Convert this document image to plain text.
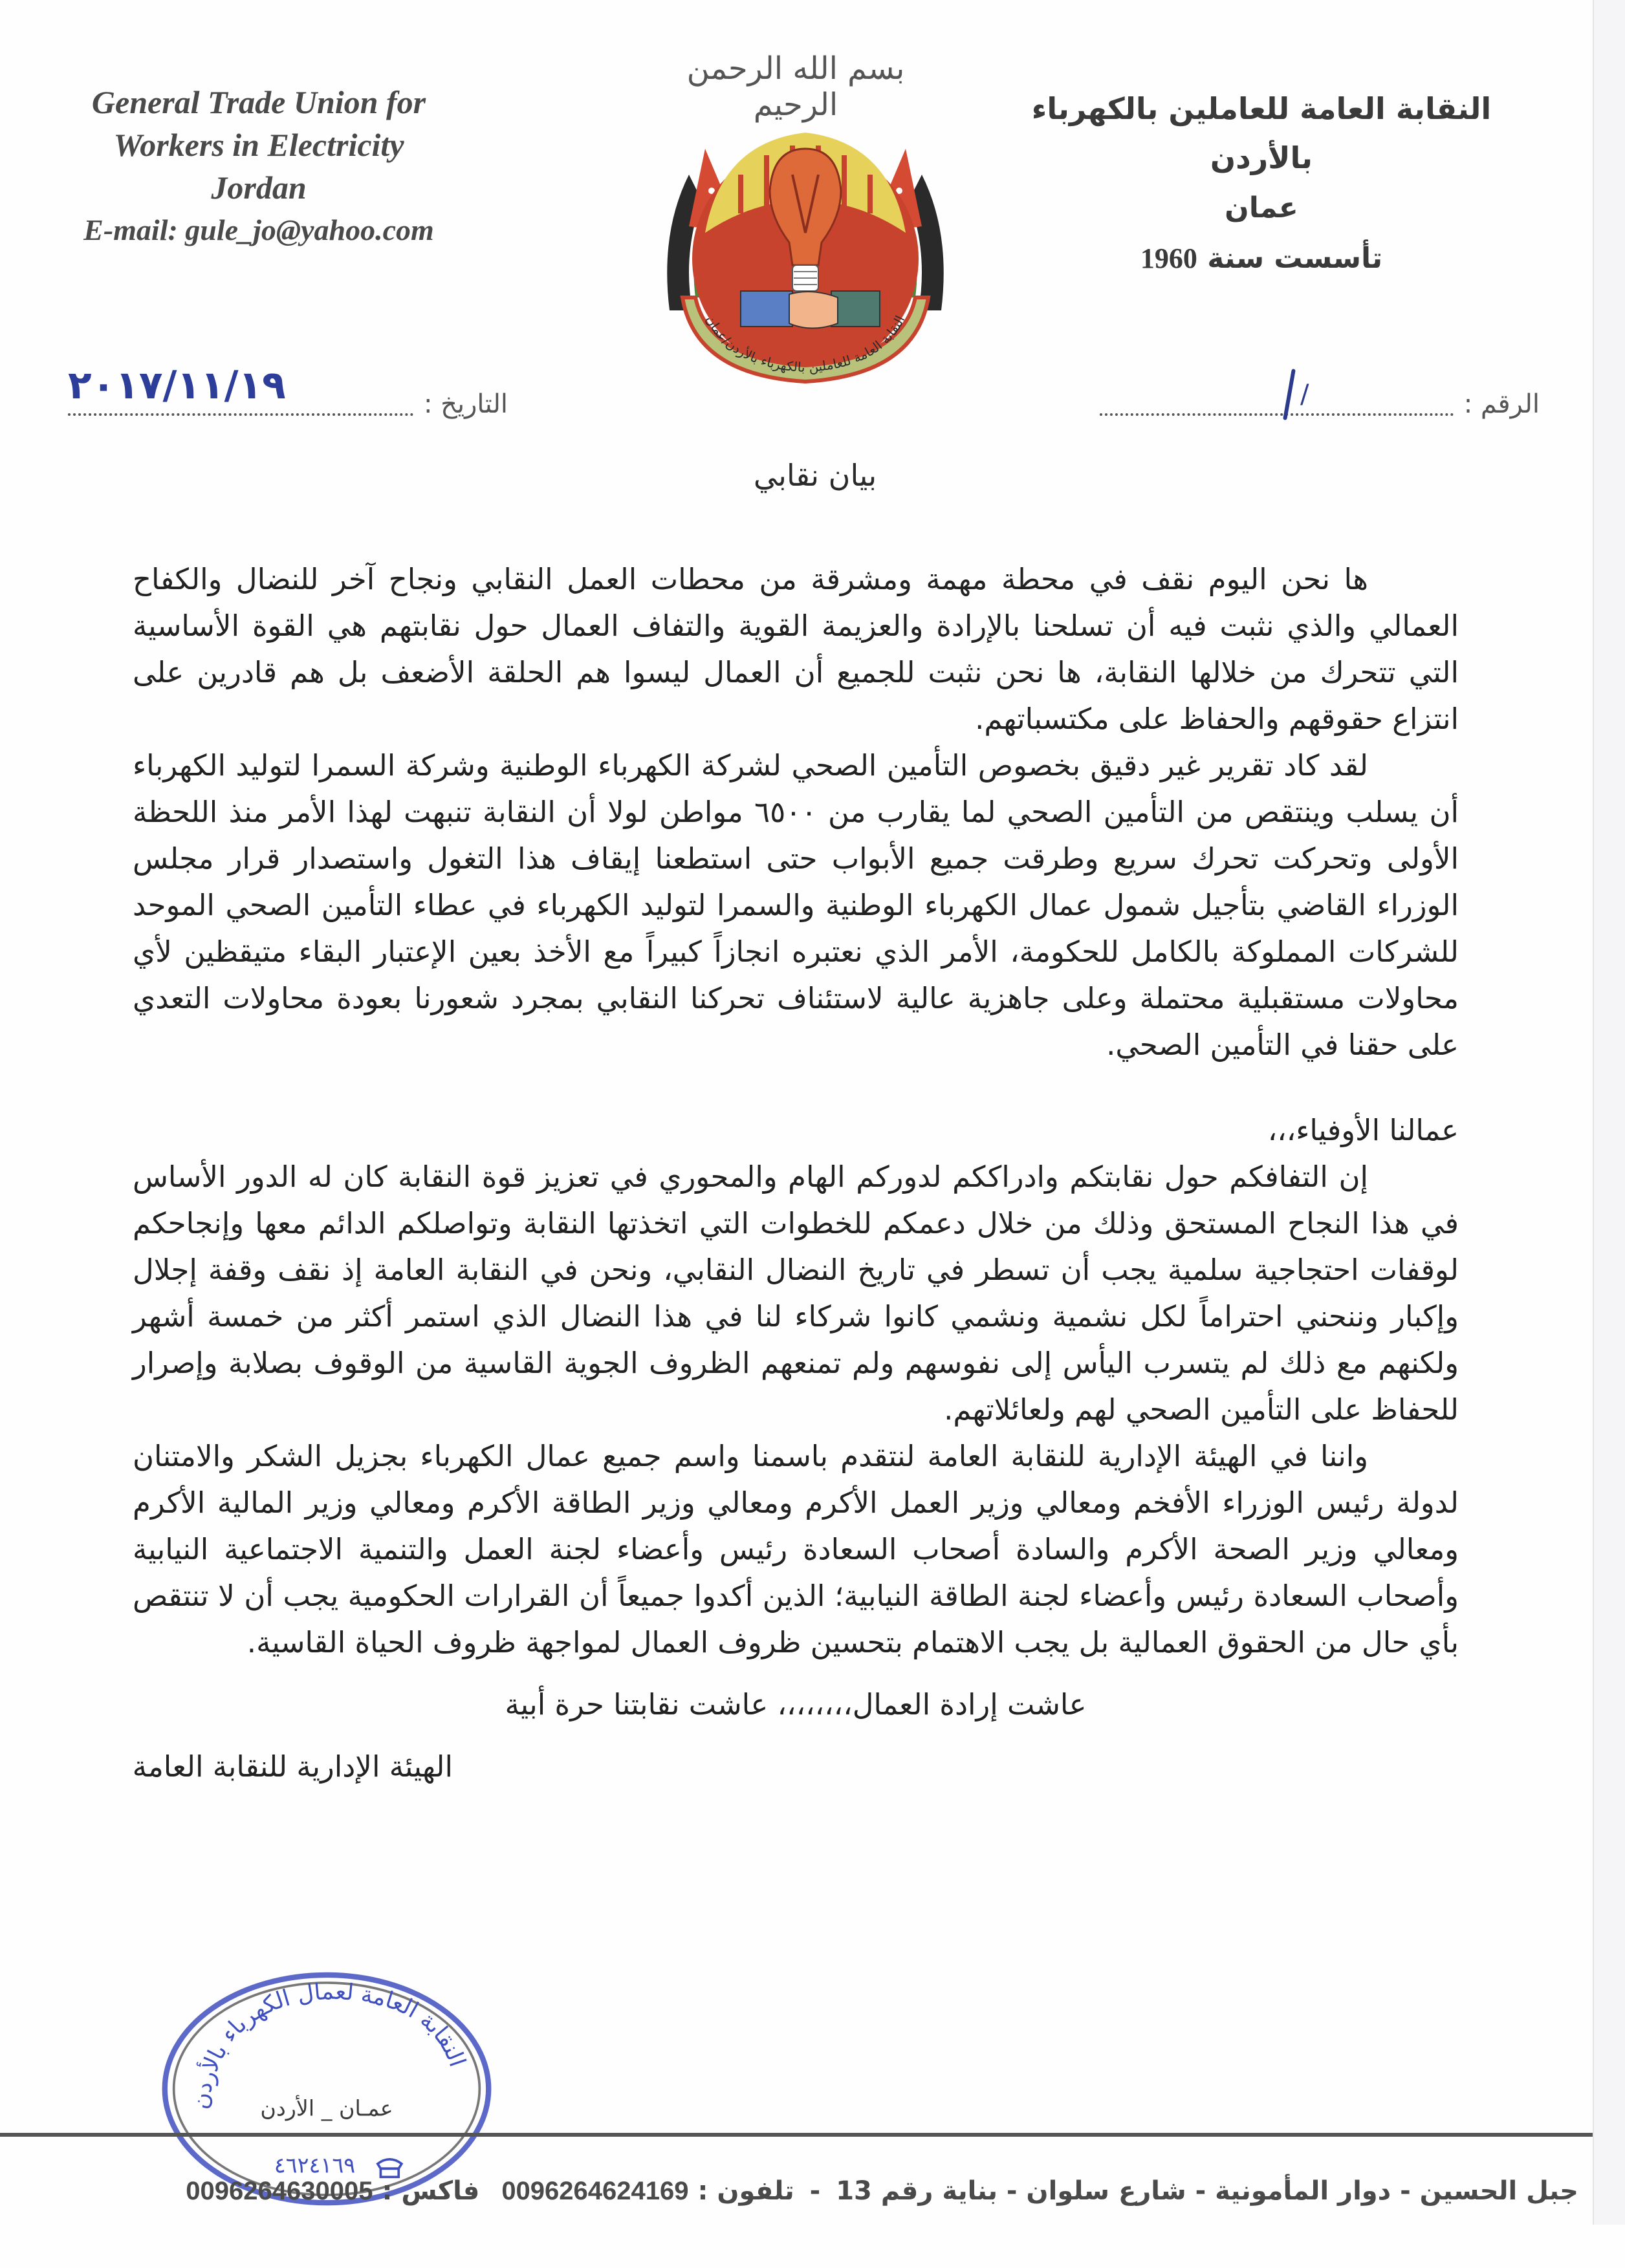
General Trade Union for
Workers in Electricity
Jordan
E-mail: gule_jo@yahoo.com
بسم الله الرحمن الرحيم
النقابة العامة للعاملين بالكهرباء بالأردن/عمان
النقابة العامة للعاملين بالكهرباء بالأردن
عمان
تأسست سنة 1960
الرقم :
/
التاريخ :
٢٠١٧/١١/١٩
بيان نقابي

ها نحن اليوم نقف في محطة مهمة ومشرقة من محطات العمل النقابي ونجاح آخر للنضال والكفاح العمالي والذي نثبت فيه أن تسلحنا بالإرادة والعزيمة القوية والتفاف العمال حول نقابتهم هي القوة الأساسية التي تتحرك من خلالها النقابة، ها نحن نثبت للجميع أن العمال ليسوا هم الحلقة الأضعف بل هم قادرين على انتزاع حقوقهم والحفاظ على مكتسباتهم.

لقد كاد تقرير غير دقيق بخصوص التأمين الصحي لشركة الكهرباء الوطنية وشركة السمرا لتوليد الكهرباء أن يسلب وينتقص من التأمين الصحي لما يقارب من ٦٥٠٠ مواطن لولا أن النقابة تنبهت لهذا الأمر منذ اللحظة الأولى وتحركت تحرك سريع وطرقت جميع الأبواب حتى استطعنا إيقاف هذا التغول واستصدار قرار مجلس الوزراء القاضي بتأجيل شمول عمال الكهرباء الوطنية والسمرا لتوليد الكهرباء في عطاء التأمين الصحي الموحد للشركات المملوكة بالكامل للحكومة، الأمر الذي نعتبره انجازاً كبيراً مع الأخذ بعين الإعتبار البقاء متيقظين لأي محاولات مستقبلية محتملة وعلى جاهزية عالية لاستئناف تحركنا النقابي بمجرد شعورنا بعودة محاولات التعدي على حقنا في التأمين الصحي.

عمالنا الأوفياء،،،

إن التفافكم حول نقابتكم وادراككم لدوركم الهام والمحوري في تعزيز قوة النقابة كان له الدور الأساس في هذا النجاح المستحق وذلك من خلال دعمكم للخطوات التي اتخذتها النقابة وتواصلكم الدائم معها وإنجاحكم لوقفات احتجاجية سلمية يجب أن تسطر في تاريخ النضال النقابي، ونحن في النقابة العامة إذ نقف وقفة إجلال وإكبار وننحني احتراماً لكل نشمية ونشمي كانوا شركاء لنا في هذا النضال الذي استمر أكثر من خمسة أشهر ولكنهم مع ذلك لم يتسرب اليأس إلى نفوسهم ولم تمنعهم الظروف الجوية القاسية من الوقوف بصلابة وإصرار للحفاظ على التأمين الصحي لهم ولعائلاتهم.

واننا في الهيئة الإدارية للنقابة العامة لنتقدم باسمنا واسم جميع عمال الكهرباء بجزيل الشكر والامتنان لدولة رئيس الوزراء الأفخم ومعالي وزير العمل الأكرم ومعالي وزير الطاقة الأكرم ومعالي وزير المالية الأكرم ومعالي وزير الصحة الأكرم والسادة أصحاب السعادة رئيس وأعضاء لجنة العمل والتنمية الاجتماعية النيابية وأصحاب السعادة رئيس وأعضاء لجنة الطاقة النيابية؛ الذين أكدوا جميعاً أن القرارات الحكومية يجب أن لا تنتقص بأي حال من الحقوق العمالية بل يجب الاهتمام بتحسين ظروف العمال لمواجهة ظروف الحياة القاسية.

عاشت إرادة العمال،،،،،،،، عاشت نقابتنا حرة أبية
الهيئة الإدارية للنقابة العامة
النقابة العامة لعمال الكهرباء بالأردن
عمـان _ الأردن
٤٦٢٤١٦٩
جبل الحسين - دوار المأمونية - شارع سلوان - بناية رقم 13 - تلفون : 0096264624169 فاكس : 0096264630005
